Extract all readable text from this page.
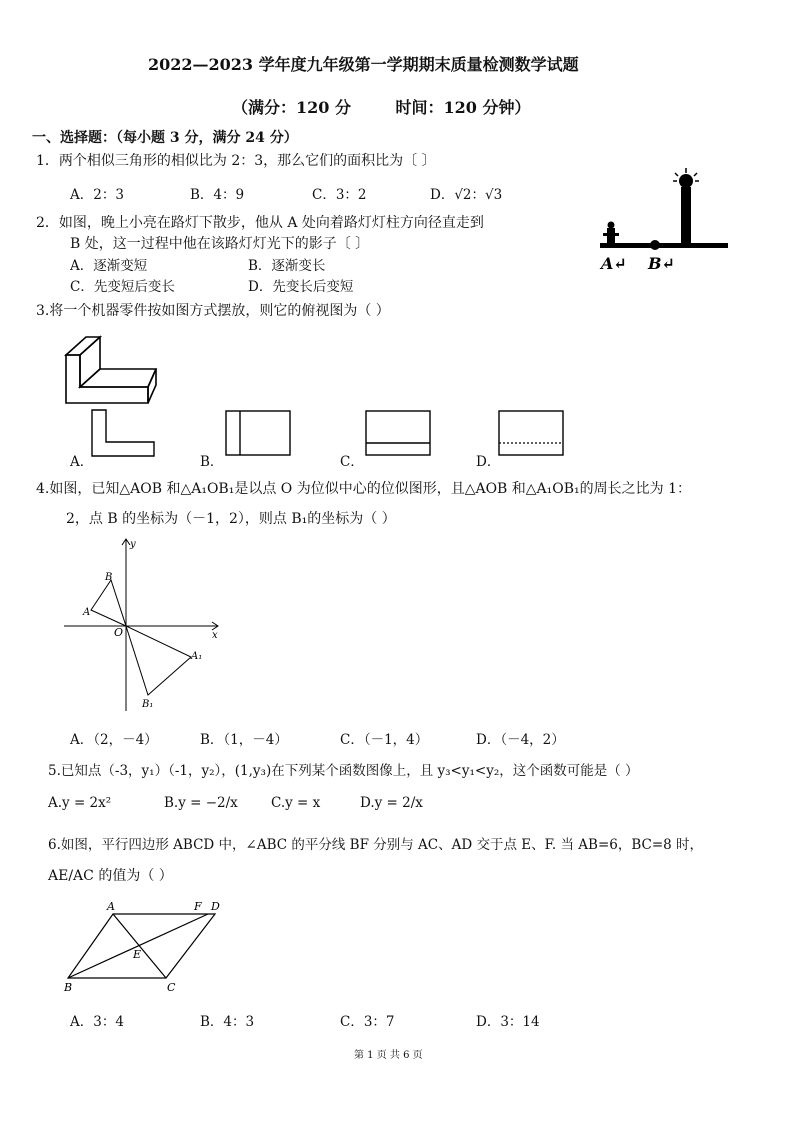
2022—2023 学年度九年级第一学期期末质量检测数学试题
（满分：120 分        时间：120 分钟）
一、选择题：（每小题 3 分，满分 24 分）
1．两个相似三角形的相似比为 2：3，那么它们的面积比为〔 〕
A．2：3	B．4：9	C．3：2	D．√2：√3
2．如图，晚上小亮在路灯下散步，他从 A 处向着路灯灯柱方向径直走到
B 处，这一过程中他在该路灯灯光下的影子〔 〕
A．逐渐变短	B．逐渐变长
C．先变短后变长	D．先变长后变短
A↵ B↵
3.将一个机器零件按如图方式摆放，则它的俯视图为（ ）
A．	B．	C．	D．
4.如图，已知△AOB 和△A₁OB₁是以点 O 为位似中心的位似图形，且△AOB 和△A₁OB₁的周长之比为 1：
2，点 B 的坐标为（－1，2），则点 B₁的坐标为（ ）
y
x
O
A
B
A₁
B₁
A．（2，－4）	B．（1，－4）	C．（－1，4）	D．（－4，2）
5.已知点（-3，y₁）（-1，y₂），(1,y₃)在下列某个函数图像上，且 y₃<y₁<y₂，这个函数可能是（ ）
A.y = 2x²	B.y = −2/x C.y = x	D.y = 2/x
6.如图，平行四边形 ABCD 中，∠ABC 的平分线 BF 分别与 AC、AD 交于点 E、F. 当 AB=6，BC=8 时，
AE/AC 的值为（ ）
A	F D
E
B	C
A．3：4	B．4：3	C．3：7	D．3：14
第 1 页 共 6 页
